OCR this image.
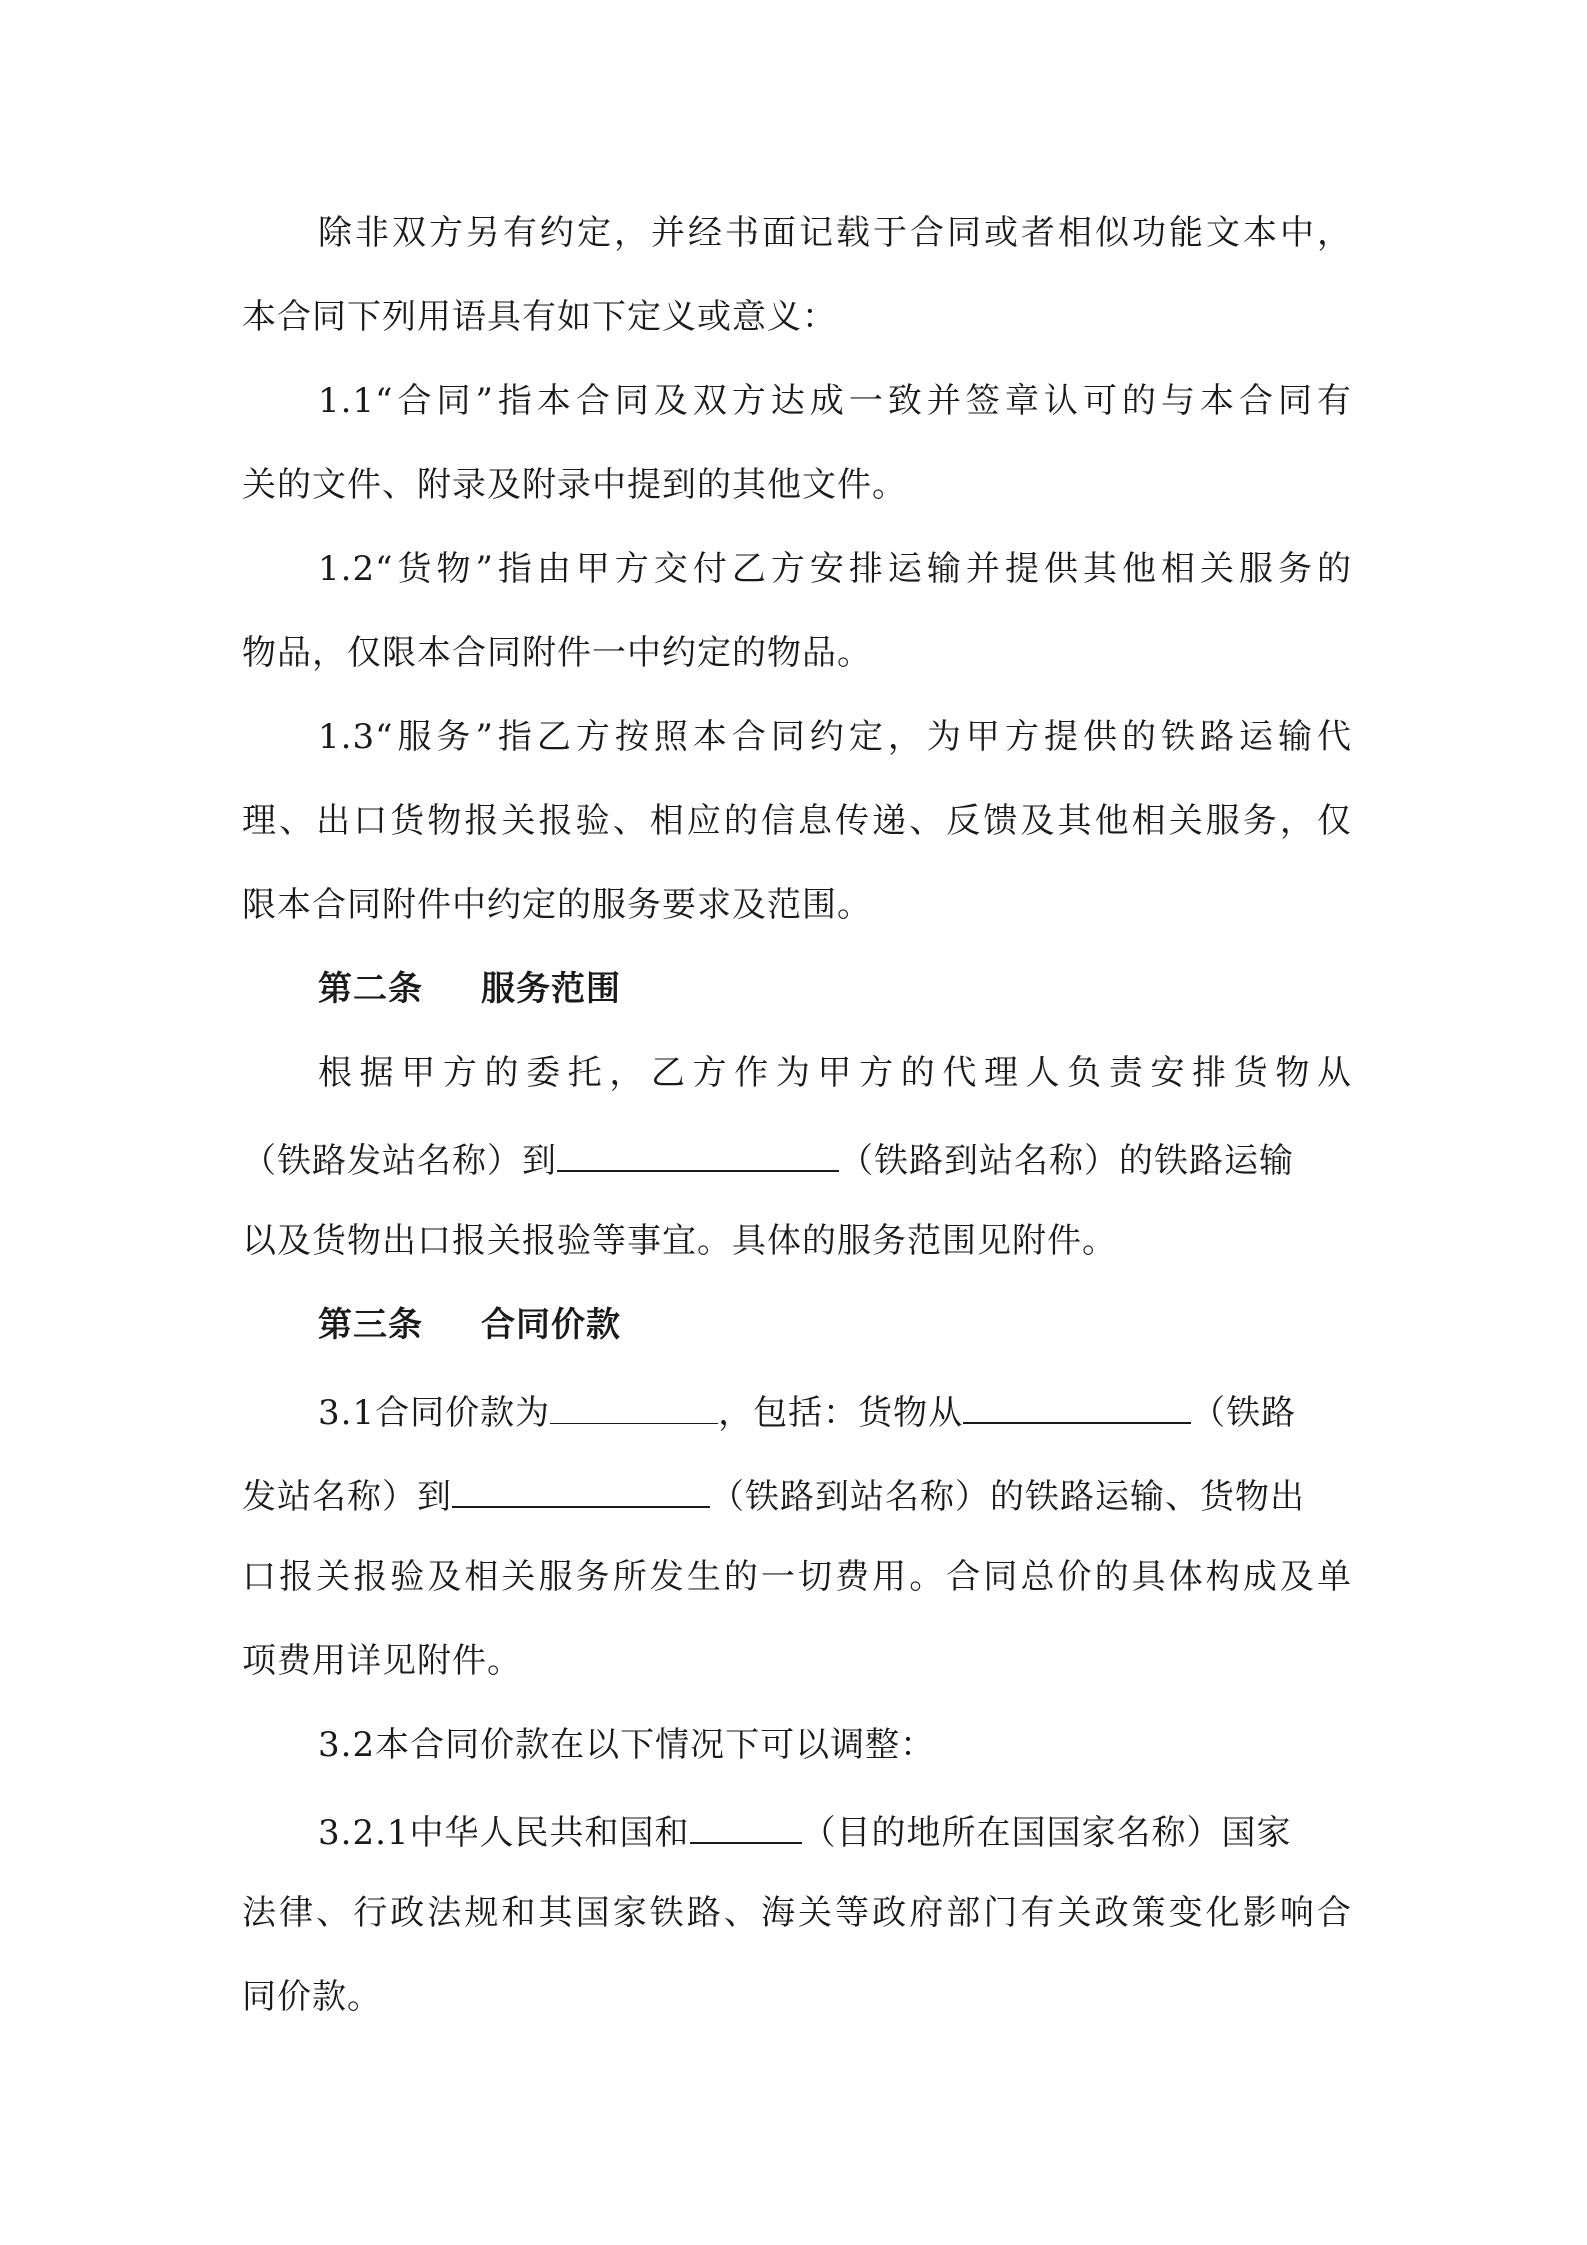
除非双方另有约定，并经书面记载于合同或者相似功能文本中，
本合同下列用语具有如下定义或意义：
1.1“合同”指本合同及双方达成一致并签章认可的与本合同有
关的文件、附录及附录中提到的其他文件。
1.2“货物”指由甲方交付乙方安排运输并提供其他相关服务的
物品，仅限本合同附件一中约定的物品。
1.3“服务”指乙方按照本合同约定，为甲方提供的铁路运输代
理、出口货物报关报验、相应的信息传递、反馈及其他相关服务，仅
限本合同附件中约定的服务要求及范围。
第二条 服务范围
根据甲方的委托，乙方作为甲方的代理人负责安排货物从
（铁路发站名称）到	（铁路到站名称）的铁路运输
以及货物出口报关报验等事宜。具体的服务范围见附件。
第三条 合同价款
3.1合同价款为	，包括：货物从	（铁路
发站名称）到	（铁路到站名称）的铁路运输、货物出
口报关报验及相关服务所发生的一切费用。合同总价的具体构成及单
项费用详见附件。
3.2本合同价款在以下情况下可以调整：
3.2.1中华人民共和国和	（目的地所在国国家名称）国家
法律、行政法规和其国家铁路、海关等政府部门有关政策变化影响合
同价款。
